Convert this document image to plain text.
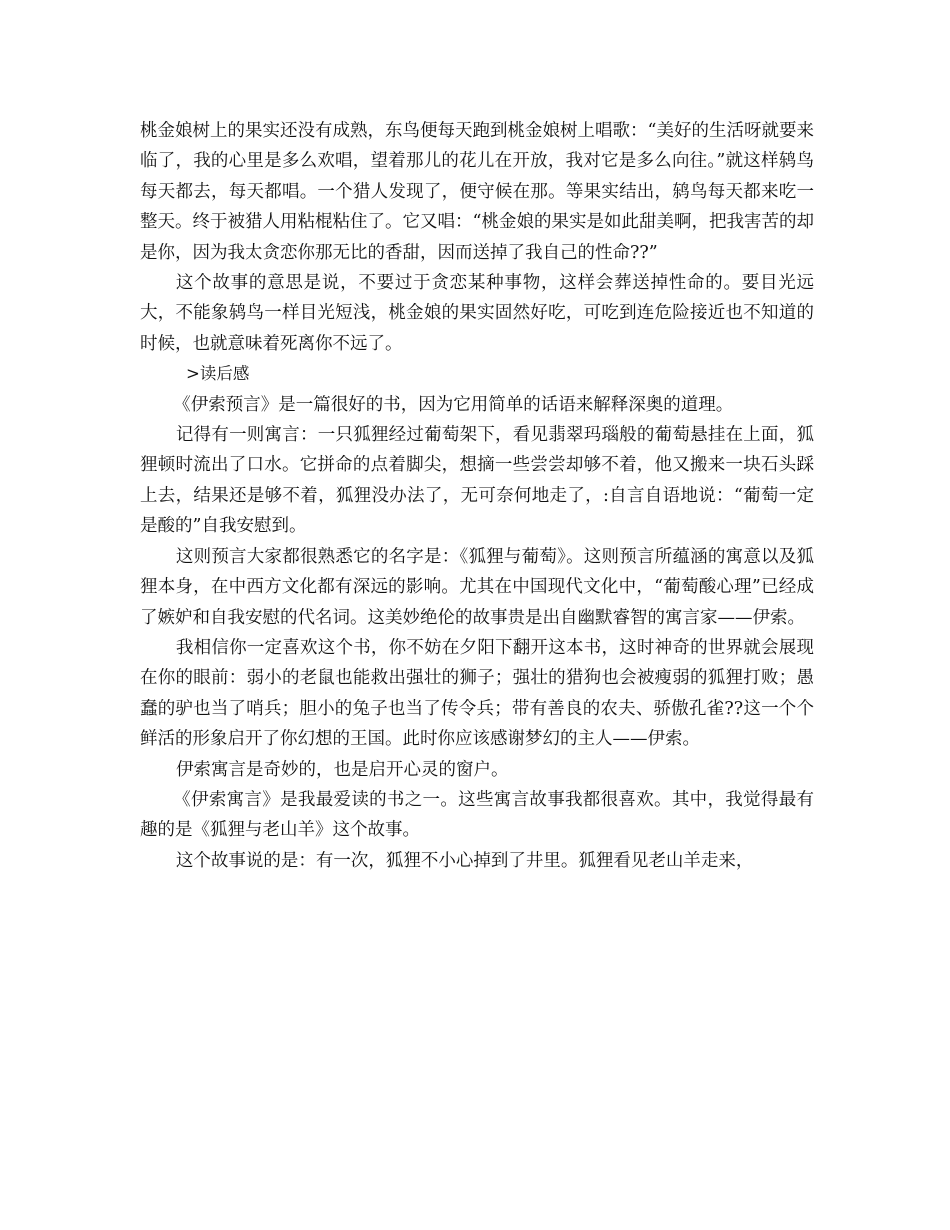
桃金娘树上的果实还没有成熟，东鸟便每天跑到桃金娘树上唱歌：“美好的生活呀就要来临了，我的心里是多么欢唱，望着那儿的花儿在开放，我对它是多么向往。”就这样鸫鸟每天都去，每天都唱。一个猎人发现了，便守候在那。等果实结出，鸫鸟每天都来吃一整天。终于被猎人用粘棍粘住了。它又唱：“桃金娘的果实是如此甜美啊，把我害苦的却是你，因为我太贪恋你那无比的香甜，因而送掉了我自己的性命??”

这个故事的意思是说，不要过于贪恋某种事物，这样会葬送掉性命的。要目光远大，不能象鸫鸟一样目光短浅，桃金娘的果实固然好吃，可吃到连危险接近也不知道的时候，也就意味着死离你不远了。

>读后感

《伊索预言》是一篇很好的书，因为它用简单的话语来解释深奥的道理。

记得有一则寓言：一只狐狸经过葡萄架下，看见翡翠玛瑙般的葡萄悬挂在上面，狐狸顿时流出了口水。它拼命的点着脚尖，想摘一些尝尝却够不着，他又搬来一块石头踩上去，结果还是够不着，狐狸没办法了，无可奈何地走了，:自言自语地说：“葡萄一定是酸的”自我安慰到。

这则预言大家都很熟悉它的名字是：《狐狸与葡萄》。这则预言所蕴涵的寓意以及狐狸本身，在中西方文化都有深远的影响。尤其在中国现代文化中，“葡萄酸心理”已经成了嫉妒和自我安慰的代名词。这美妙绝伦的故事贵是出自幽默睿智的寓言家——伊索。

我相信你一定喜欢这个书，你不妨在夕阳下翻开这本书，这时神奇的世界就会展现在你的眼前：弱小的老鼠也能救出强壮的狮子；强壮的猎狗也会被瘦弱的狐狸打败；愚蠢的驴也当了哨兵；胆小的兔子也当了传令兵；带有善良的农夫、骄傲孔雀??这一个个鲜活的形象启开了你幻想的王国。此时你应该感谢梦幻的主人——伊索。

伊索寓言是奇妙的，也是启开心灵的窗户。

《伊索寓言》是我最爱读的书之一。这些寓言故事我都很喜欢。其中，我觉得最有趣的是《狐狸与老山羊》这个故事。

这个故事说的是：有一次，狐狸不小心掉到了井里。狐狸看见老山羊走来，
